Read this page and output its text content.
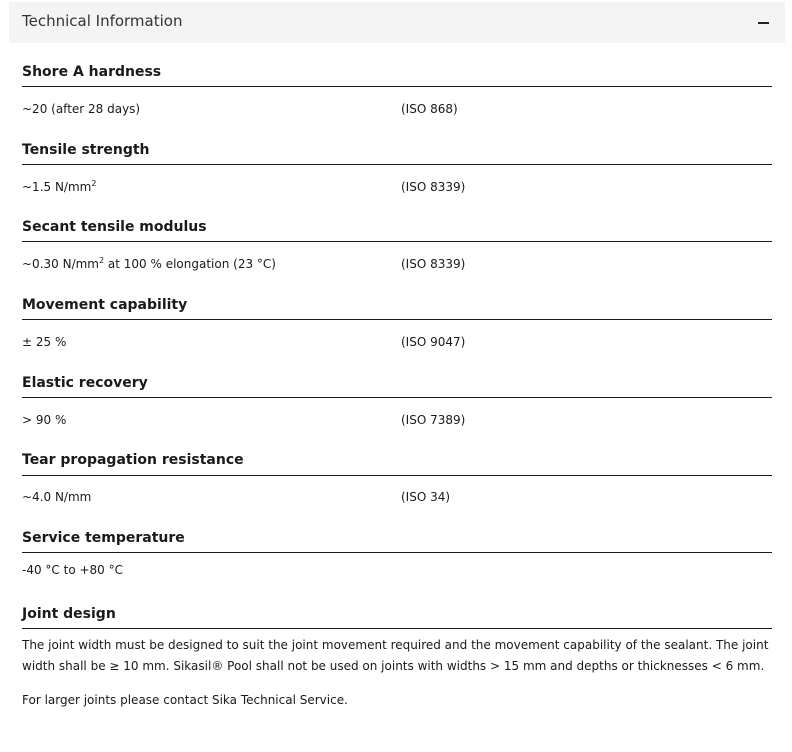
Technical Information
Shore A hardness
~20 (after 28 days)	(ISO 868)
Tensile strength
~1.5 $N/mm^2$	(ISO 8339)
Secant tensile modulus
~0.30 $N/mm^2$ at 100 % elongation (23 °C)	(ISO 8339)
Movement capability
± 25 %	(ISO 9047)
Elastic recovery
> 90 %	(ISO 7389)
Tear propagation resistance
~4.0 N/mm	(ISO 34)
Service temperature
-40 °C to +80 °C
Joint design
The joint width must be designed to suit the joint movement required and the movement capability of the sealant. The joint width shall be ≥ 10 mm. Sikasil® Pool shall not be used on joints with widths > 15 mm and depths or thicknesses < 6 mm.
For larger joints please contact Sika Technical Service.
